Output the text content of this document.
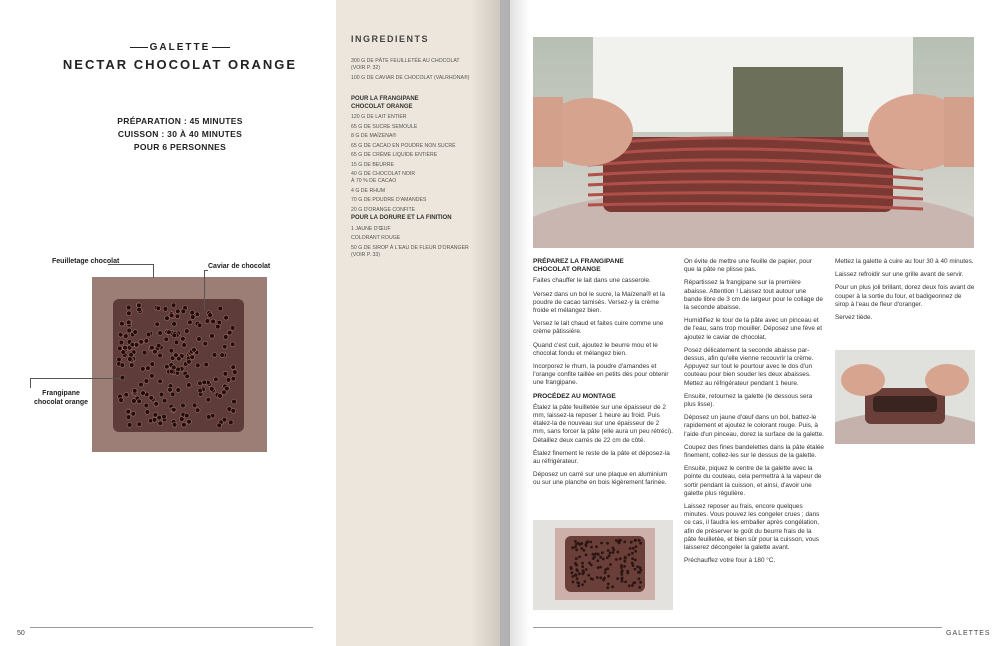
GALETTE
NECTAR CHOCOLAT ORANGE
PRÉPARATION : 45 MINUTES
CUISSON : 30 À 40 MINUTES
POUR 6 PERSONNES
Feuilletage chocolat
Caviar de chocolat
Frangipane
chocolat orange
50
INGREDIENTS

300 G DE PÂTE FEUILLETÉE AU CHOCOLAT (VOIR P. 32)

100 G DE CAVIAR DE CHOCOLAT (VALRHONA®)

POUR LA FRANGIPANE
CHOCOLAT ORANGE

120 G DE LAIT ENTIER

65 G DE SUCRE SEMOULE

8 G DE MAÏZENA®

65 G DE CACAO EN POUDRE NON SUCRÉ

65 G DE CRÈME LIQUIDE ENTIÈRE

15 G DE BEURRE

40 G DE CHOCOLAT NOIR

À 70 % DE CACAO

4 G DE RHUM

70 G DE POUDRE D'AMANDES

20 G D'ORANGE CONFITE

POUR LA DORURE ET LA FINITION

1 JAUNE D'ŒUF

COLORANT ROUGE

50 G DE SIROP À L'EAU DE FLEUR D'ORANGER (VOIR P. 33)

PRÉPAREZ LA FRANGIPANE
CHOCOLAT ORANGE

Faites chauffer le lait dans une casserole.

Versez dans un bol le sucre, la Maïzena® et la poudre de cacao tamisés. Versez-y la crème froide et mélangez bien.

Versez le lait chaud et faites cuire comme une crème pâtissière.

Quand c'est cuit, ajoutez le beurre mou et le chocolat fondu et mélangez bien.

Incorporez le rhum, la poudre d'amandes et l'orange confite taillée en petits dés pour obtenir une frangipane.

PROCÉDEZ AU MONTAGE

Étalez la pâte feuilletée sur une épaisseur de 2 mm, laissez-la reposer 1 heure au froid. Puis étalez-la de nouveau sur une épaisseur de 2 mm, sans forcer la pâte (elle aura un peu rétréci). Détaillez deux carrés de 22 cm de côté.

Étalez finement le reste de la pâte et déposez-la au réfrigérateur.

Déposez un carré sur une plaque en aluminium ou sur une planche en bois légèrement farinée.

On évite de mettre une feuille de papier, pour que la pâte ne plisse pas.

Répartissez la frangipane sur la première abaisse. Attention ! Laissez tout autour une bande libre de 3 cm de largeur pour le collage de la seconde abaisse.

Humidifiez le tour de la pâte avec un pinceau et de l'eau, sans trop mouiller. Déposez une fève et ajoutez le caviar de chocolat.

Posez délicatement la seconde abaisse par-dessus, afin qu'elle vienne recouvrir la crème. Appuyez sur tout le pourtour avec le dos d'un couteau pour bien souder les deux abaisses. Mettez au réfrigérateur pendant 1 heure.

Ensuite, retournez la galette (le dessous sera plus lisse).

Déposez un jaune d'œuf dans un bol, battez-le rapidement et ajoutez le colorant rouge. Puis, à l'aide d'un pinceau, dorez la surface de la galette.

Coupez des fines bandelettes dans la pâte étalée finement, collez-les sur le dessus de la galette.

Ensuite, piquez le centre de la galette avec la pointe du couteau, cela permettra à la vapeur de sortir pendant la cuisson, et ainsi, d'avoir une galette plus régulière.

Laissez reposer au frais, encore quelques minutes. Vous pouvez les congeler crues ; dans ce cas, il faudra les emballer après congélation, afin de préserver le goût du beurre frais de la pâte feuilletée, et bien sûr pour la cuisson, vous laisserez décongeler la galette avant.

Préchauffez votre four à 180 °C.

Mettez la galette à cuire au four 30 à 40 minutes.

Laissez refroidir sur une grille avant de servir.

Pour un plus joli brillant, dorez deux fois avant de couper à la sortie du four, et badigeonnez de sirop à l'eau de fleur d'oranger.

Servez tiède.

GALETTES
